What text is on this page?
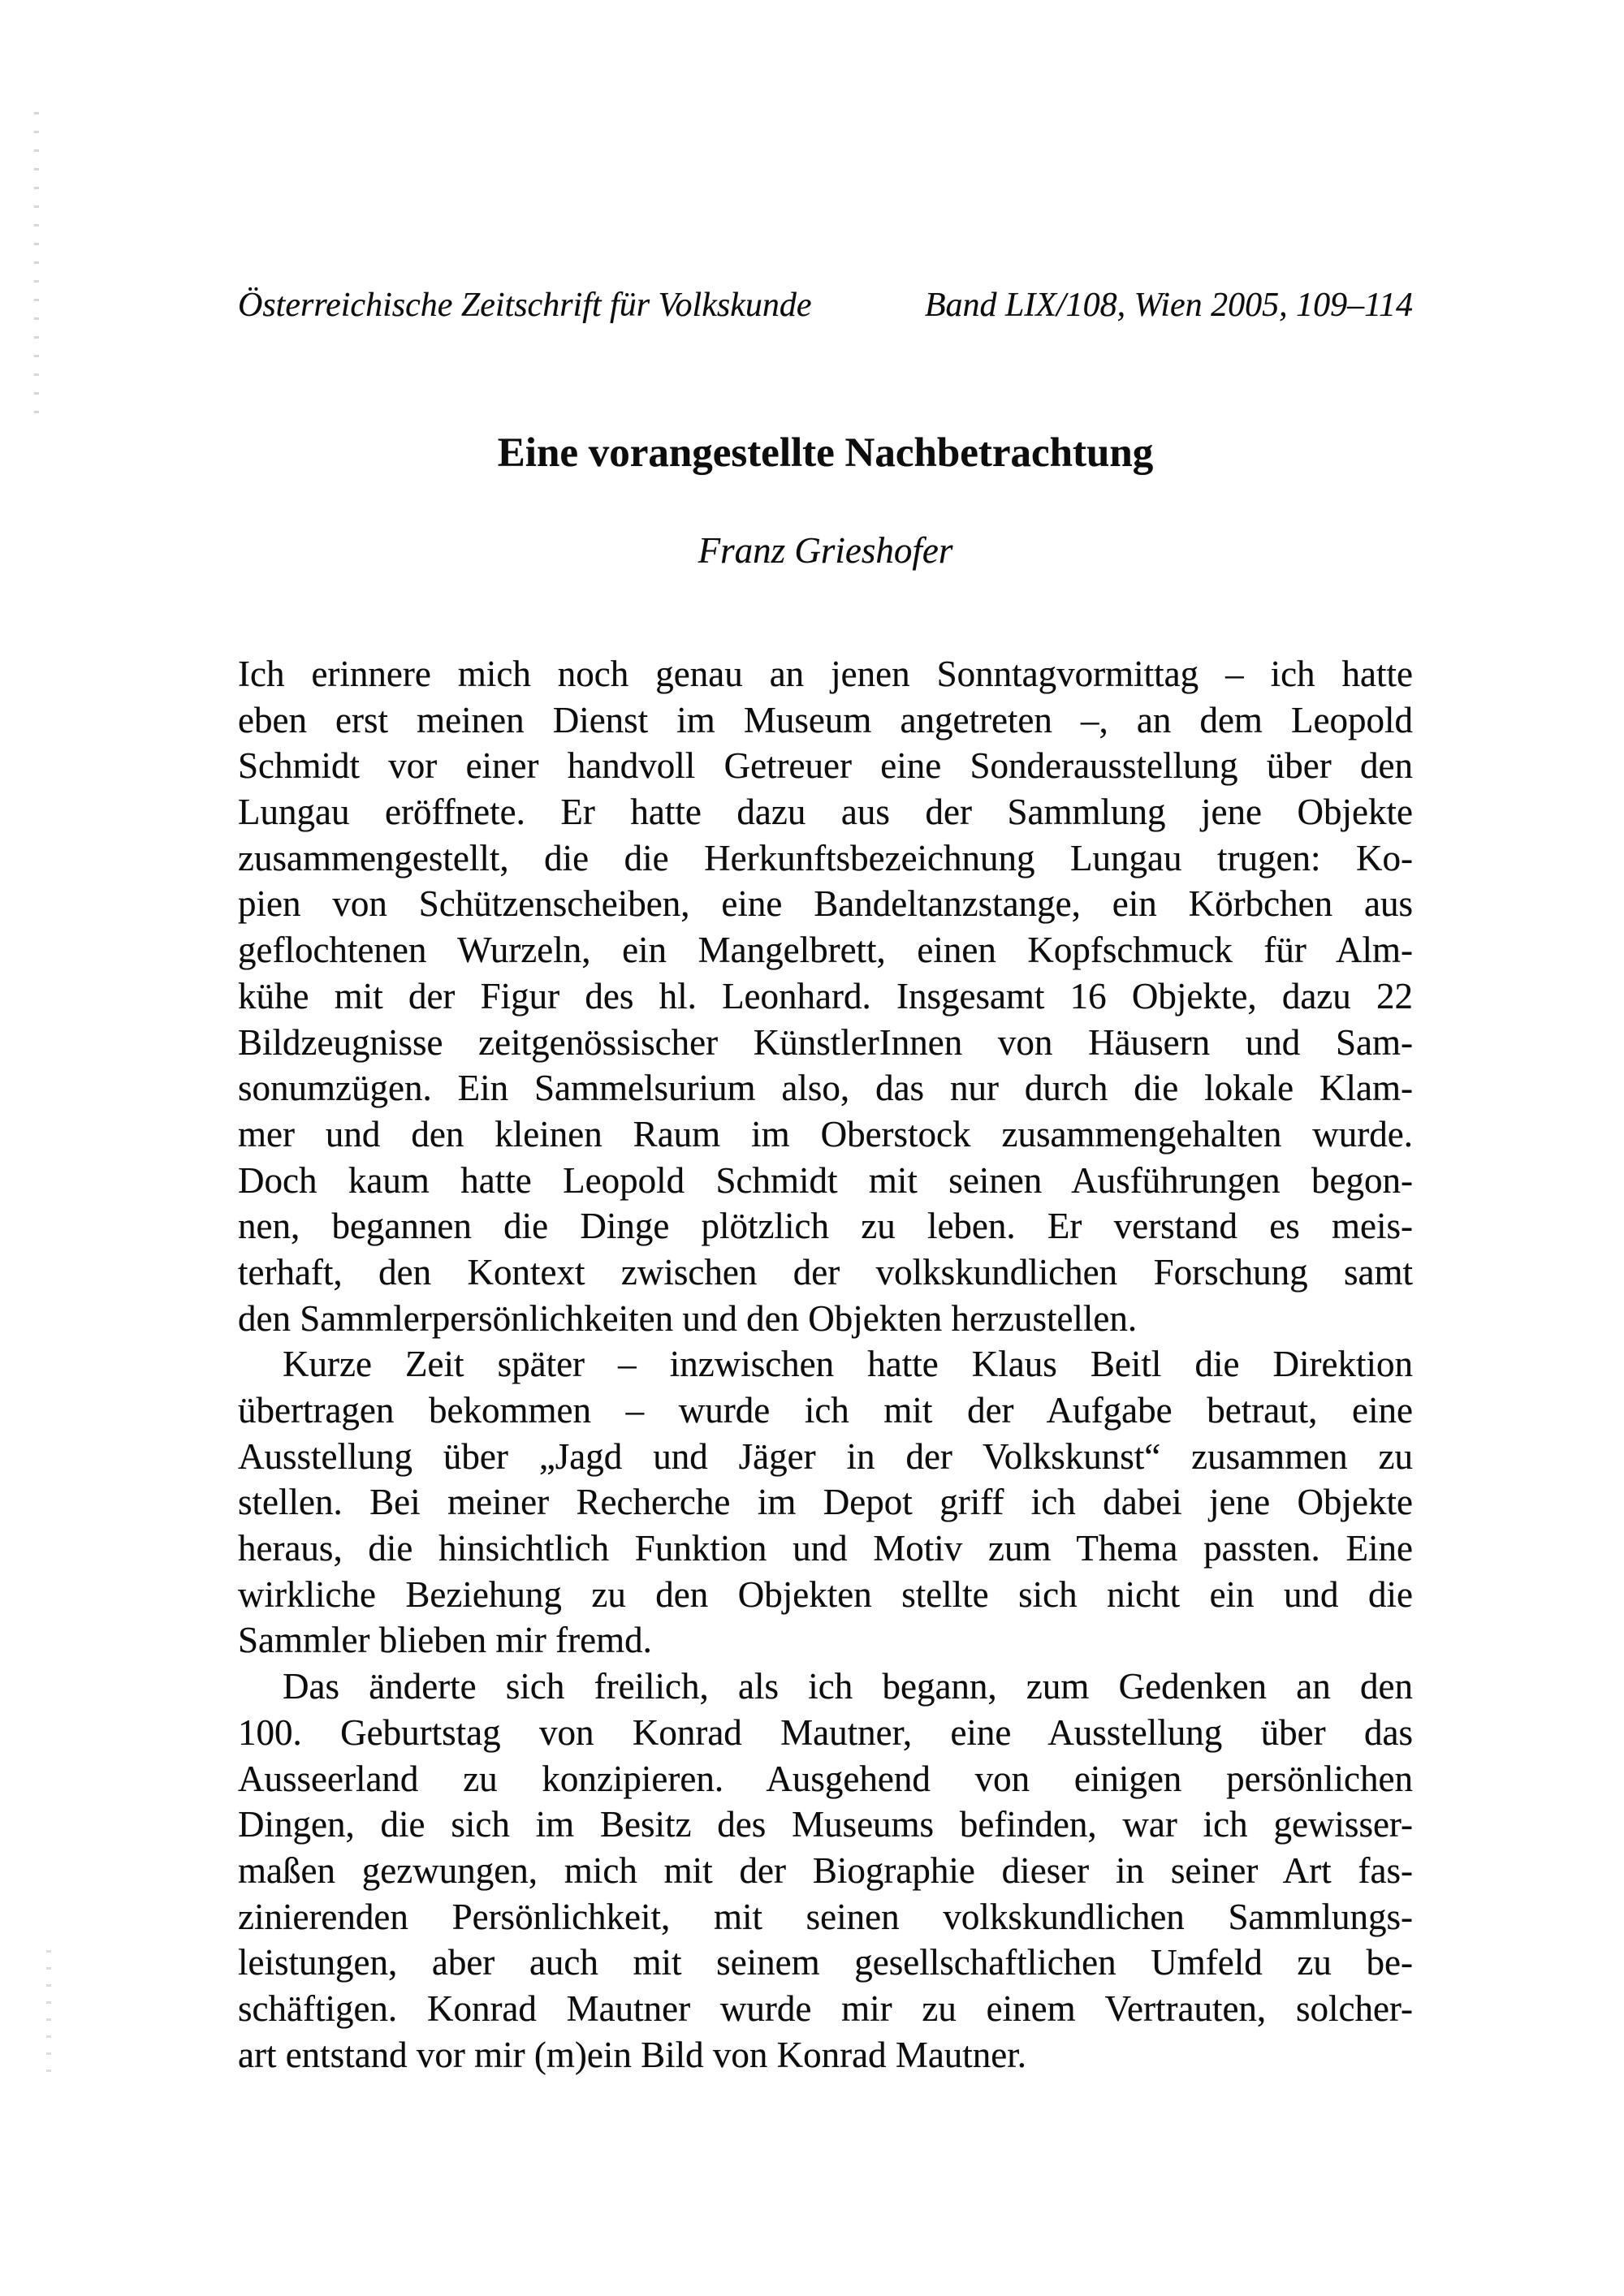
Österreichische Zeitschrift für Volkskunde	Band LIX/108, Wien 2005, 109–114
Eine vorangestellte Nachbetrachtung
Franz Grieshofer
Ich erinnere mich noch genau an jenen Sonntagvormittag – ich hatte
eben erst meinen Dienst im Museum angetreten –, an dem Leopold
Schmidt vor einer handvoll Getreuer eine Sonderausstellung über den
Lungau eröffnete. Er hatte dazu aus der Sammlung jene Objekte
zusammengestellt, die die Herkunftsbezeichnung Lungau trugen: Ko-
pien von Schützenscheiben, eine Bandeltanzstange, ein Körbchen aus
geflochtenen Wurzeln, ein Mangelbrett, einen Kopfschmuck für Alm-
kühe mit der Figur des hl. Leonhard. Insgesamt 16 Objekte, dazu 22
Bildzeugnisse zeitgenössischer KünstlerInnen von Häusern und Sam-
sonumzügen. Ein Sammelsurium also, das nur durch die lokale Klam-
mer und den kleinen Raum im Oberstock zusammengehalten wurde.
Doch kaum hatte Leopold Schmidt mit seinen Ausführungen begon-
nen, begannen die Dinge plötzlich zu leben. Er verstand es meis-
terhaft, den Kontext zwischen der volkskundlichen Forschung samt
den Sammlerpersönlichkeiten und den Objekten herzustellen.
Kurze Zeit später – inzwischen hatte Klaus Beitl die Direktion
übertragen bekommen – wurde ich mit der Aufgabe betraut, eine
Ausstellung über „Jagd und Jäger in der Volkskunst“ zusammen zu
stellen. Bei meiner Recherche im Depot griff ich dabei jene Objekte
heraus, die hinsichtlich Funktion und Motiv zum Thema passten. Eine
wirkliche Beziehung zu den Objekten stellte sich nicht ein und die
Sammler blieben mir fremd.
Das änderte sich freilich, als ich begann, zum Gedenken an den
100. Geburtstag von Konrad Mautner, eine Ausstellung über das
Ausseerland zu konzipieren. Ausgehend von einigen persönlichen
Dingen, die sich im Besitz des Museums befinden, war ich gewisser-
maßen gezwungen, mich mit der Biographie dieser in seiner Art fas-
zinierenden Persönlichkeit, mit seinen volkskundlichen Sammlungs-
leistungen, aber auch mit seinem gesellschaftlichen Umfeld zu be-
schäftigen. Konrad Mautner wurde mir zu einem Vertrauten, solcher-
art entstand vor mir (m)ein Bild von Konrad Mautner.
